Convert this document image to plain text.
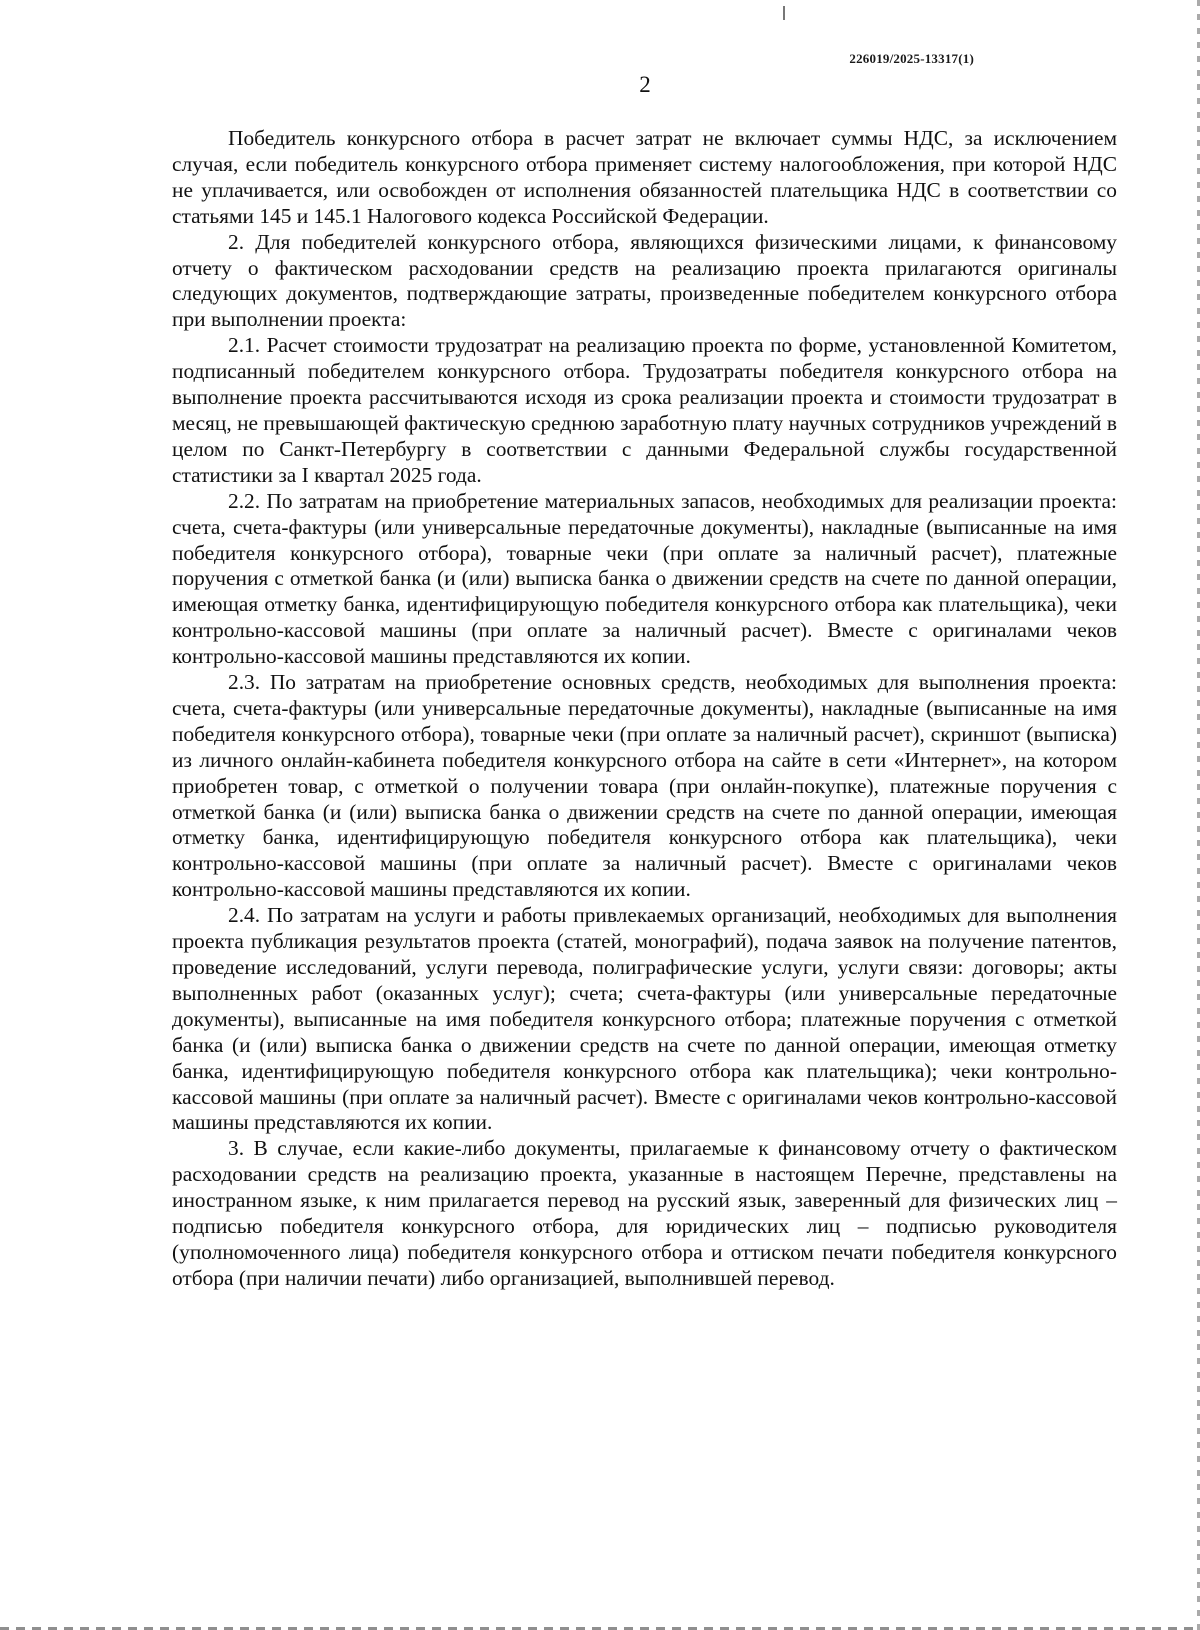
226019/2025-13317(1)
2

Победитель конкурсного отбора в расчет затрат не включает суммы НДС, за исключением случая, если победитель конкурсного отбора применяет систему налогообложения, при которой НДС не уплачивается, или освобожден от исполнения обязанностей плательщика НДС в соответствии со статьями 145 и 145.1 Налогового кодекса Российской Федерации.

2. Для победителей конкурсного отбора, являющихся физическими лицами, к финансовому отчету о фактическом расходовании средств на реализацию проекта прилагаются оригиналы следующих документов, подтверждающие затраты, произведенные победителем конкурсного отбора при выполнении проекта:

2.1. Расчет стоимости трудозатрат на реализацию проекта по форме, установленной Комитетом, подписанный победителем конкурсного отбора. Трудозатраты победителя конкурсного отбора на выполнение проекта рассчитываются исходя из срока реализации проекта и стоимости трудозатрат в месяц, не превышающей фактическую среднюю заработную плату научных сотрудников учреждений в целом по Санкт-Петербургу в соответствии с данными Федеральной службы государственной статистики за I квартал 2025 года.

2.2. По затратам на приобретение материальных запасов, необходимых для реализации проекта: счета, счета-фактуры (или универсальные передаточные документы), накладные (выписанные на имя победителя конкурсного отбора), товарные чеки (при оплате за наличный расчет), платежные поручения с отметкой банка (и (или) выписка банка о движении средств на счете по данной операции, имеющая отметку банка, идентифицирующую победителя конкурсного отбора как плательщика), чеки контрольно-кассовой машины (при оплате за наличный расчет). Вместе с оригиналами чеков контрольно-кассовой машины представляются их копии.

2.3. По затратам на приобретение основных средств, необходимых для выполнения проекта: счета, счета-фактуры (или универсальные передаточные документы), накладные (выписанные на имя победителя конкурсного отбора), товарные чеки (при оплате за наличный расчет), скриншот (выписка) из личного онлайн-кабинета победителя конкурсного отбора на сайте в сети «Интернет», на котором приобретен товар, с отметкой о получении товара (при онлайн-покупке), платежные поручения с отметкой банка (и (или) выписка банка о движении средств на счете по данной операции, имеющая отметку банка, идентифицирующую победителя конкурсного отбора как плательщика), чеки контрольно-кассовой машины (при оплате за наличный расчет). Вместе с оригиналами чеков контрольно-кассовой машины представляются их копии.

2.4. По затратам на услуги и работы привлекаемых организаций, необходимых для выполнения проекта публикация результатов проекта (статей, монографий), подача заявок на получение патентов, проведение исследований, услуги перевода, полиграфические услуги, услуги связи: договоры; акты выполненных работ (оказанных услуг); счета; счета-фактуры (или универсальные передаточные документы), выписанные на имя победителя конкурсного отбора; платежные поручения с отметкой банка (и (или) выписка банка о движении средств на счете по данной операции, имеющая отметку банка, идентифицирующую победителя конкурсного отбора как плательщика); чеки контрольно-кассовой машины (при оплате за наличный расчет). Вместе с оригиналами чеков контрольно-кассовой машины представляются их копии.

3. В случае, если какие-либо документы, прилагаемые к финансовому отчету о фактическом расходовании средств на реализацию проекта, указанные в настоящем Перечне, представлены на иностранном языке, к ним прилагается перевод на русский язык, заверенный для физических лиц – подписью победителя конкурсного отбора, для юридических лиц – подписью руководителя (уполномоченного лица) победителя конкурсного отбора и оттиском печати победителя конкурсного отбора (при наличии печати) либо организацией, выполнившей перевод.
